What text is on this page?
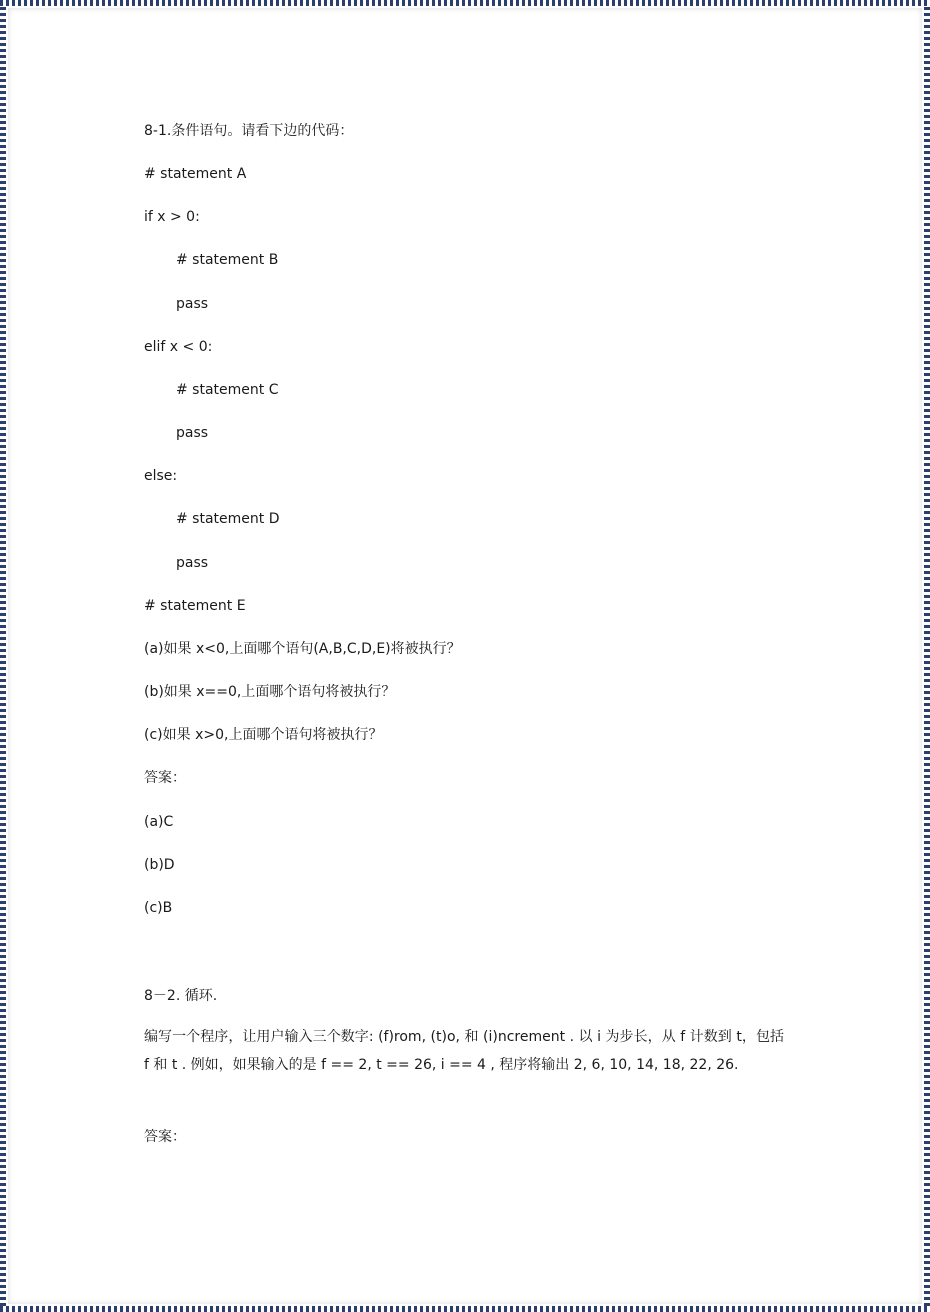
8-1.条件语句。请看下边的代码：
# statement A
if x > 0:
# statement B
pass
elif x < 0:
# statement C
pass
else:
# statement D
pass
# statement E
(a)如果 x<0,上面哪个语句(A,B,C,D,E)将被执行？
(b)如果 x==0,上面哪个语句将被执行？
(c)如果 x>0,上面哪个语句将被执行？
答案：
(a)C
(b)D
(c)B
8－2. 循环.
编写一个程序，让用户输入三个数字: (f)rom, (t)o, 和 (i)ncrement . 以 i 为步长，从 f 计数到 t，包括 f 和 t . 例如，如果输入的是 f == 2, t == 26, i == 4 , 程序将输出 2, 6, 10, 14, 18, 22, 26.
答案：
